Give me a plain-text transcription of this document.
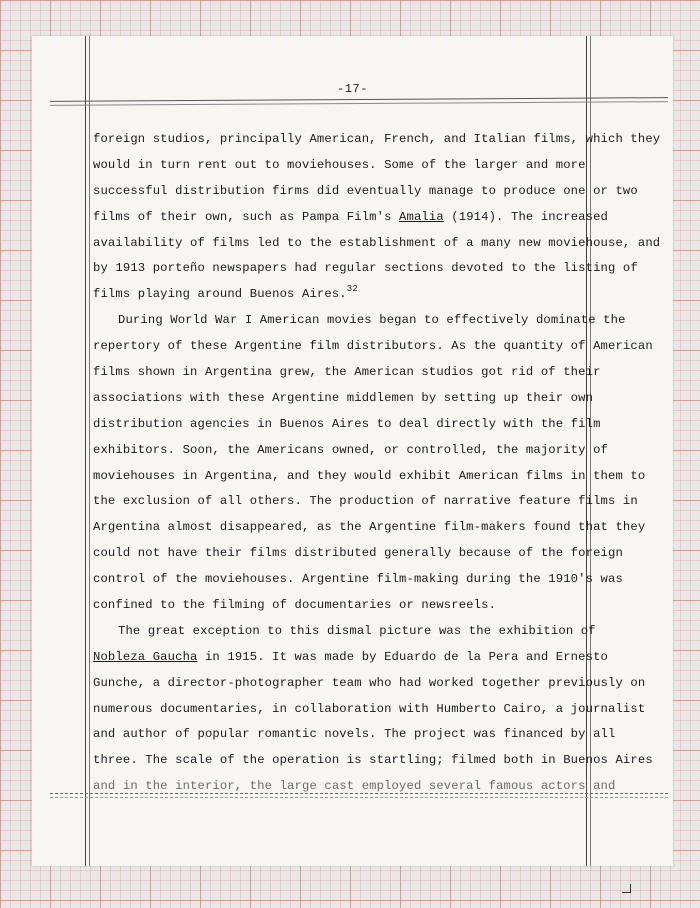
-17-
foreign studios, principally American, French, and Italian films, which they
would in turn rent out to moviehouses. Some of the larger and more
successful distribution firms did eventually manage to produce one or two
films of their own, such as Pampa Film's Amalia (1914). The increased
availability of films led to the establishment of a many new moviehouse, and
by 1913 porteño newspapers had regular sections devoted to the listing of
films playing around Buenos Aires.$^{32}$
During World War I American movies began to effectively dominate the
repertory of these Argentine film distributors. As the quantity of American
films shown in Argentina grew, the American studios got rid of their
associations with these Argentine middlemen by setting up their own
distribution agencies in Buenos Aires to deal directly with the film
exhibitors. Soon, the Americans owned, or controlled, the majority of
moviehouses in Argentina, and they would exhibit American films in them to
the exclusion of all others. The production of narrative feature films in
Argentina almost disappeared, as the Argentine film-makers found that they
could not have their films distributed generally because of the foreign
control of the moviehouses. Argentine film-making during the 1910's was
confined to the filming of documentaries or newsreels.
The great exception to this dismal picture was the exhibition of
Nobleza Gaucha in 1915. It was made by Eduardo de la Pera and Ernesto
Gunche, a director-photographer team who had worked together previously on
numerous documentaries, in collaboration with Humberto Cairo, a journalist
and author of popular romantic novels. The project was financed by all
three. The scale of the operation is startling; filmed both in Buenos Aires
and in the interior, the large cast employed several famous actors and
